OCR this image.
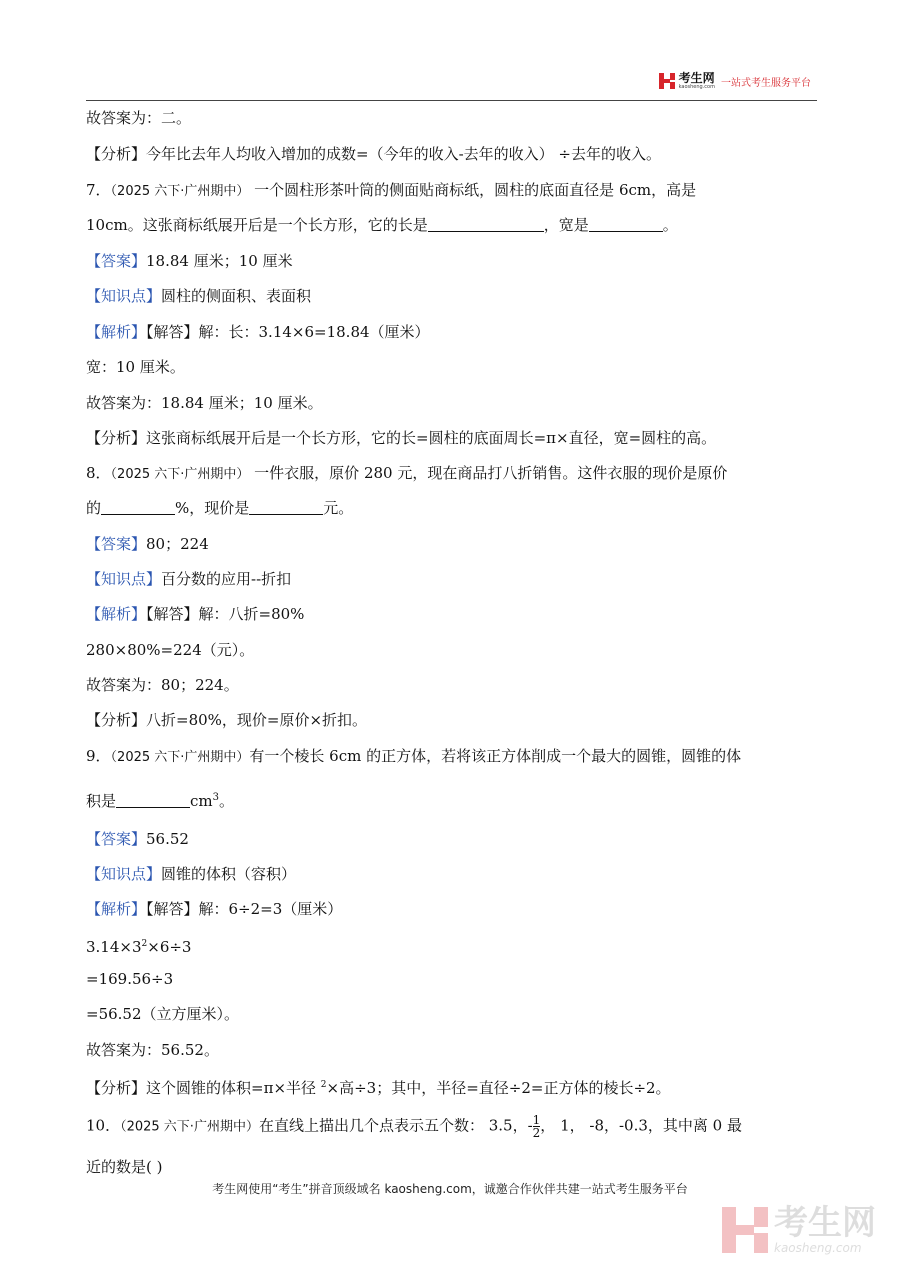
考生网
kaosheng.com 一站式考生服务平台
故答案为：二。
【分析】今年比去年人均收入增加的成数=（今年的收入-去年的收入） ÷去年的收入。
7．（2025 六下·广州期中） 一个圆柱形茶叶筒的侧面贴商标纸，圆柱的底面直径是 6cm，高是
10cm。这张商标纸展开后是一个长方形，它的长是	，宽是	。
【答案】18.84 厘米；10 厘米
【知识点】圆柱的侧面积、表面积
【解析】【解答】解：长：3.14×6=18.84（厘米）
宽：10 厘米。
故答案为：18.84 厘米；10 厘米。
【分析】这张商标纸展开后是一个长方形，它的长=圆柱的底面周长=π×直径，宽=圆柱的高。
8．（2025 六下·广州期中） 一件衣服，原价 280 元，现在商品打八折销售。这件衣服的现价是原价
的	%，现价是	元。
【答案】80；224
【知识点】百分数的应用--折扣
【解析】【解答】解：八折=80%
280×80%=224（元）。
故答案为：80；224。
【分析】八折=80%，现价=原价×折扣。
9．（2025 六下·广州期中）有一个棱长 6cm 的正方体，若将该正方体削成一个最大的圆锥，圆锥的体
积是	$cm^3$。
【答案】56.52
【知识点】圆锥的体积（容积）
【解析】【解答】解：6÷2=3（厘米）
$3.14\times 3^2\times 6\div 3$
=169.56÷3
=56.52（立方厘米）。
故答案为：56.52。
【分析】这个圆锥的体积=π×半径 $^2$×高÷3；其中，半径=直径÷2=正方体的棱长÷2。
10．（2025 六下·广州期中）在直线上描出几个点表示五个数： 3.5，- $\frac{1}{2}$ ， 1， -8，-0.3，其中离 0 最
近的数是( )
考生网使用“考生”拼音顶级域名 kaosheng.com，诚邀合作伙伴共建一站式考生服务平台
考生网
kaosheng.com
